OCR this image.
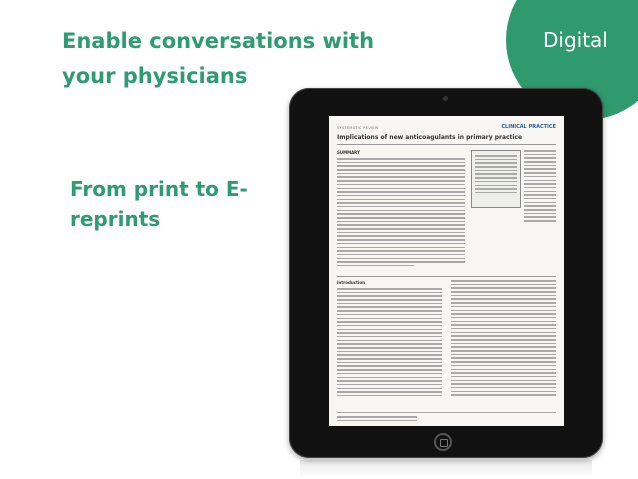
Digital
Enable conversations with your physicians
From print to E- reprints
SYSTEMATIC REVIEW	CLINICAL PRACTICE
Implications of new anticoagulants in primary practice
SUMMARY
Introduction
